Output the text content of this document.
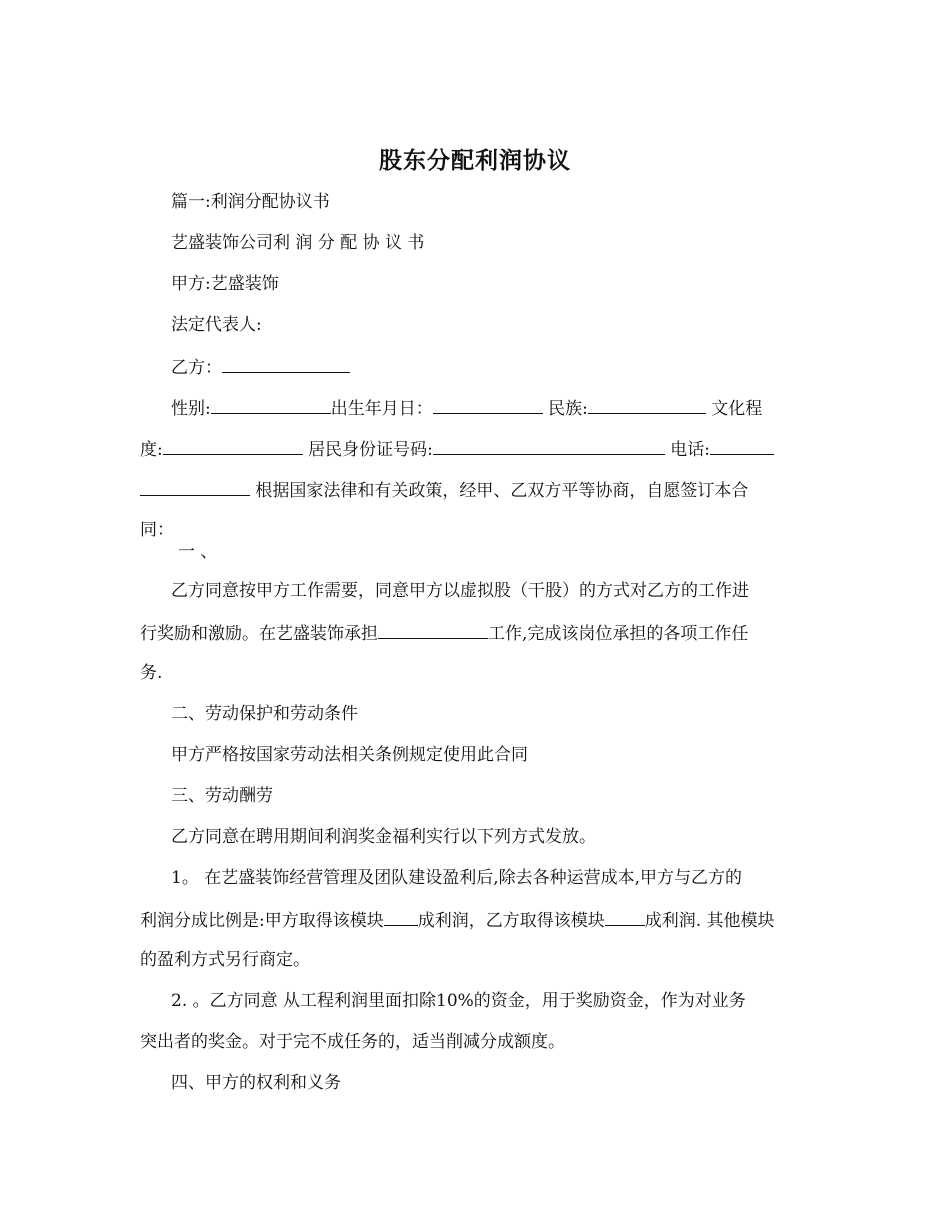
股东分配利润协议
篇一:利润分配协议书
艺盛装饰公司利 润 分 配 协 议 书
甲方:艺盛装饰
法定代表人:
乙方：
性别:	出生年月日：	民族:	文化程
度:	居民身份证号码:	电话:
根据国家法律和有关政策，经甲、乙双方平等协商，自愿签订本合
同：
一 、
乙方同意按甲方工作需要，同意甲方以虚拟股（干股）的方式对乙方的工作进
行奖励和激励。在艺盛装饰承担	工作,完成该岗位承担的各项工作任
务.
二、劳动保护和劳动条件
甲方严格按国家劳动法相关条例规定使用此合同
三、劳动酬劳
乙方同意在聘用期间利润奖金福利实行以下列方式发放。
1。 在艺盛装饰经营管理及团队建设盈利后,除去各种运营成本,甲方与乙方的
利润分成比例是:甲方取得该模块 成利润，乙方取得该模块 成利润. 其他模块
的盈利方式另行商定。
2. 。乙方同意 从工程利润里面扣除10%的资金，用于奖励资金，作为对业务
突出者的奖金。对于完不成任务的，适当削减分成额度。
四、甲方的权利和义务
